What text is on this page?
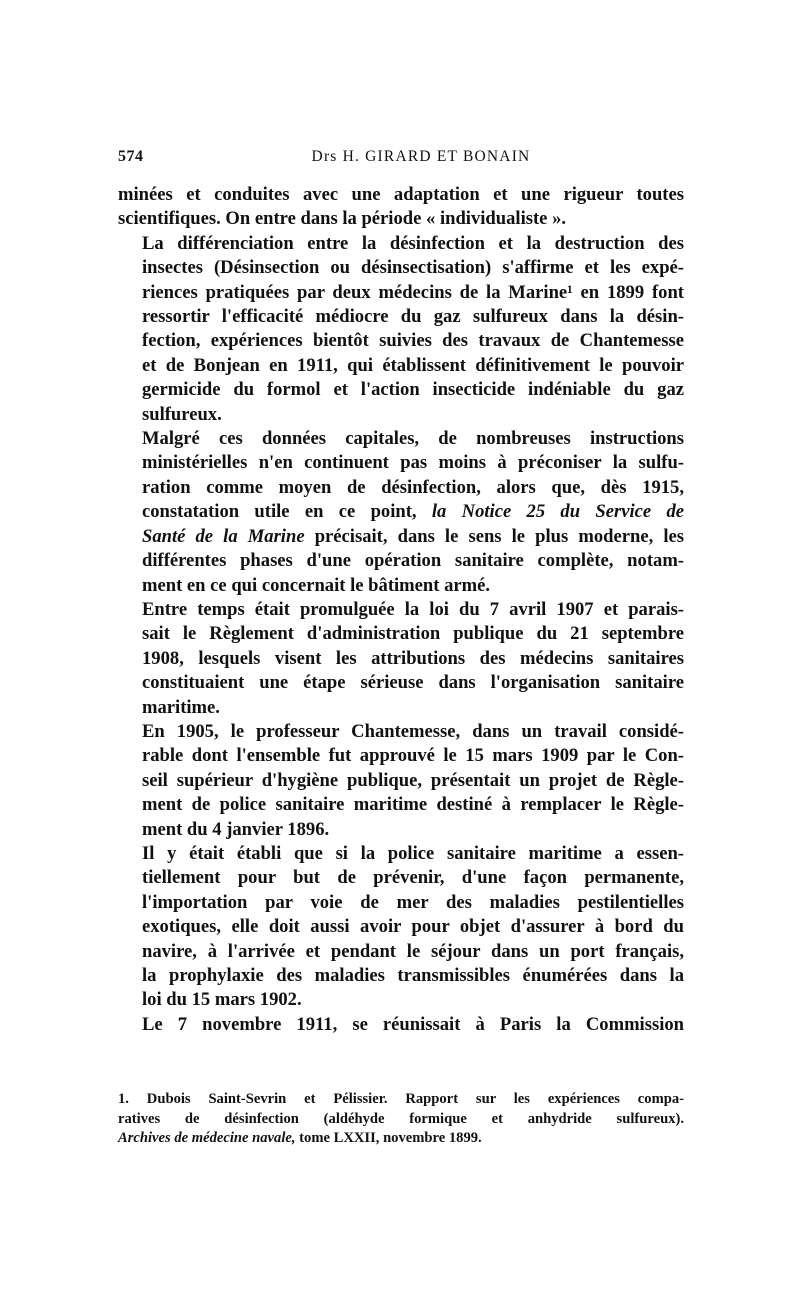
574	Drs H. GIRARD ET BONAIN

minées et conduites avec une adaptation et une rigueur toutes
scientifiques. On entre dans la période « individualiste ».

La différenciation entre la désinfection et la destruction des
insectes (Désinsection ou désinsectisation) s'affirme et les expé-
riences pratiquées par deux médecins de la Marine¹ en 1899 font
ressortir l'efficacité médiocre du gaz sulfureux dans la désin-
fection, expériences bientôt suivies des travaux de Chantemesse
et de Bonjean en 1911, qui établissent définitivement le pouvoir
germicide du formol et l'action insecticide indéniable du gaz
sulfureux.

Malgré ces données capitales, de nombreuses instructions
ministérielles n'en continuent pas moins à préconiser la sulfu-
ration comme moyen de désinfection, alors que, dès 1915,
constatation utile en ce point, la Notice 25 du Service de
Santé de la Marine précisait, dans le sens le plus moderne, les
différentes phases d'une opération sanitaire complète, notam-
ment en ce qui concernait le bâtiment armé.

Entre temps était promulguée la loi du 7 avril 1907 et parais-
sait le Règlement d'administration publique du 21 septembre
1908, lesquels visent les attributions des médecins sanitaires
constituaient une étape sérieuse dans l'organisation sanitaire
maritime.

En 1905, le professeur Chantemesse, dans un travail considé-
rable dont l'ensemble fut approuvé le 15 mars 1909 par le Con-
seil supérieur d'hygiène publique, présentait un projet de Règle-
ment de police sanitaire maritime destiné à remplacer le Règle-
ment du 4 janvier 1896.

Il y était établi que si la police sanitaire maritime a essen-
tiellement pour but de prévenir, d'une façon permanente,
l'importation par voie de mer des maladies pestilentielles
exotiques, elle doit aussi avoir pour objet d'assurer à bord du
navire, à l'arrivée et pendant le séjour dans un port français,
la prophylaxie des maladies transmissibles énumérées dans la
loi du 15 mars 1902.

Le 7 novembre 1911, se réunissait à Paris la Commission

1. Dubois Saint-Sevrin et Pélissier. Rapport sur les expériences compa-
ratives de désinfection (aldéhyde formique et anhydride sulfureux).
Archives de médecine navale, tome LXXII, novembre 1899.
